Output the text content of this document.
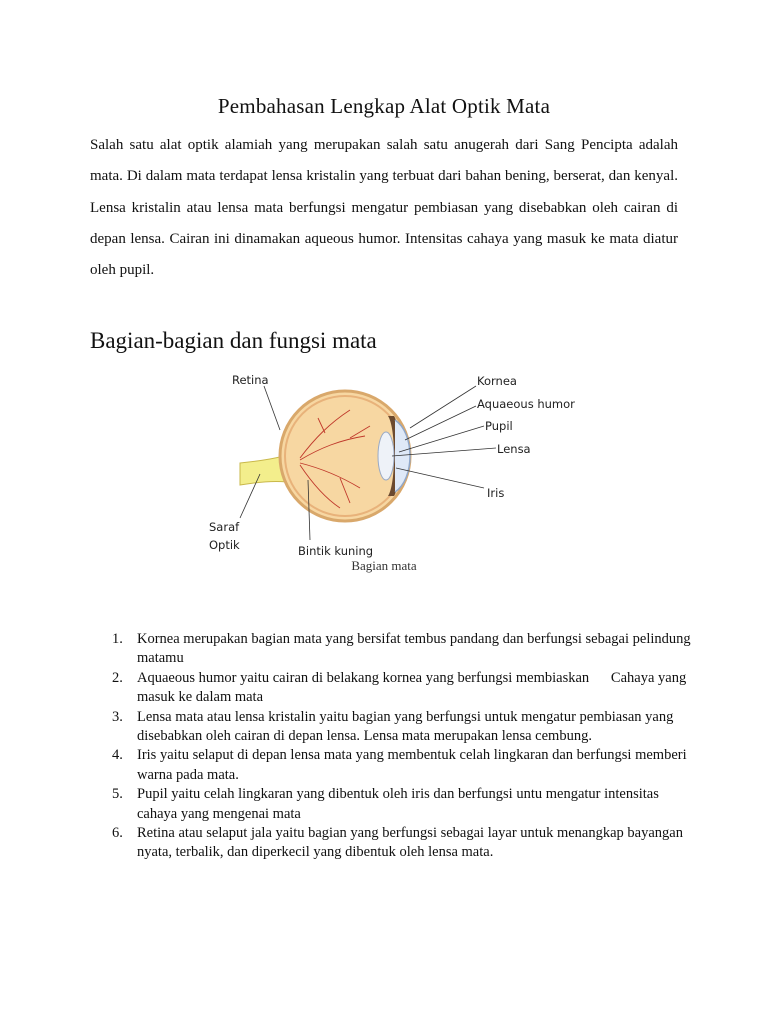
Pembahasan Lengkap Alat Optik Mata

Salah satu alat optik alamiah yang merupakan salah satu anugerah dari Sang Pencipta adalah mata. Di dalam mata terdapat lensa kristalin yang terbuat dari bahan bening, berserat, dan kenyal. Lensa kristalin atau lensa mata berfungsi mengatur pembiasan yang disebabkan oleh cairan di depan lensa. Cairan ini dinamakan aqueous humor. Intensitas cahaya yang masuk ke mata diatur oleh pupil.

Bagian-bagian dan fungsi mata
Retina	Kornea
Aquaeous humor
Pupil
Lensa
Iris
Saraf
Optik	Bintik kuning
Bagian mata
1. Kornea merupakan bagian mata yang bersifat tembus pandang dan berfungsi sebagai pelindung matamu
2. Aquaeous humor yaitu cairan di belakang kornea yang berfungsi membiaskan      Cahaya yang masuk ke dalam mata
3. Lensa mata atau lensa kristalin yaitu bagian yang berfungsi untuk mengatur pembiasan yang disebabkan oleh cairan di depan lensa. Lensa mata merupakan lensa cembung.
4. Iris yaitu selaput di depan lensa mata yang membentuk celah lingkaran dan berfungsi memberi warna pada mata.
5. Pupil yaitu celah lingkaran yang dibentuk oleh iris dan berfungsi untu mengatur intensitas cahaya yang mengenai mata
6. Retina atau selaput jala yaitu bagian yang berfungsi sebagai layar untuk menangkap bayangan nyata, terbalik, dan diperkecil yang dibentuk oleh lensa mata.
